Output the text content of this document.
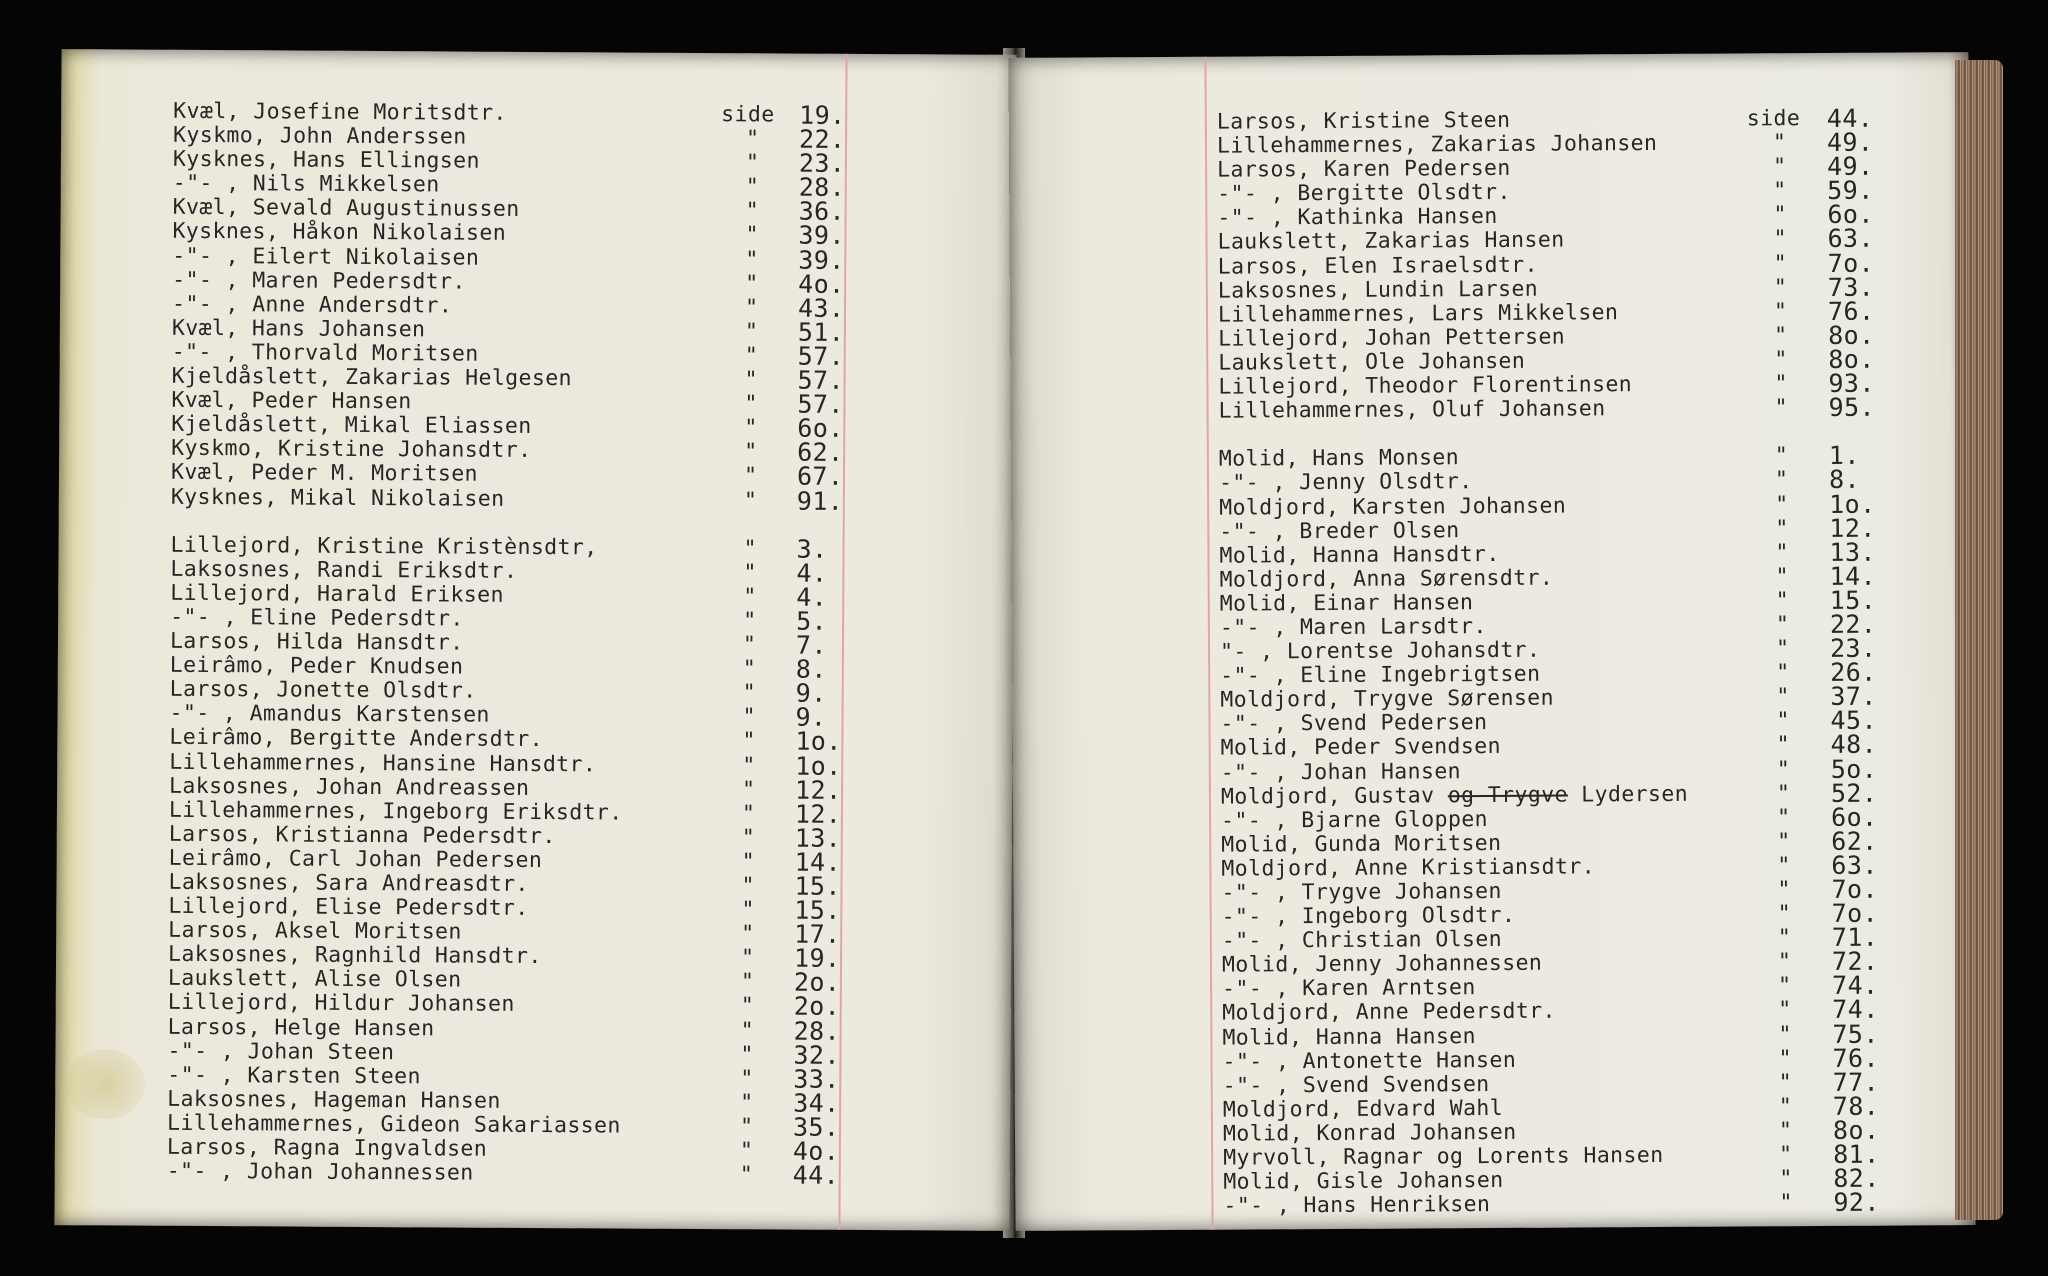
Kvæl, Josefine Moritsdtr.	side 19.
Kyskmo, John Anderssen	" 22.
Kysknes, Hans Ellingsen	" 23.
-"- , Nils Mikkelsen	" 28.
Kvæl, Sevald Augustinussen	" 36.
Kysknes, Håkon Nikolaisen	" 39.
-"- , Eilert Nikolaisen	" 39.
-"- , Maren Pedersdtr.	" 4o.
-"- , Anne Andersdtr.	" 43.
Kvæl, Hans Johansen	" 51.
-"- , Thorvald Moritsen	" 57.
Kjeldåslett, Zakarias Helgesen	" 57.
Kvæl, Peder Hansen	" 57.
Kjeldåslett, Mikal Eliassen	" 6o.
Kyskmo, Kristine Johansdtr.	" 62.
Kvæl, Peder M. Moritsen	" 67.
Kysknes, Mikal Nikolaisen	" 91.
Lillejord, Kristine Kristènsdtr,	" 3.
Laksosnes, Randi Eriksdtr.	" 4.
Lillejord, Harald Eriksen	" 4.
-"- , Eline Pedersdtr.	" 5.
Larsos, Hilda Hansdtr.	" 7.
Leirâmo, Peder Knudsen	" 8.
Larsos, Jonette Olsdtr.	" 9.
-"- , Amandus Karstensen	" 9.
Leirâmo, Bergitte Andersdtr.	" 1o.
Lillehammernes, Hansine Hansdtr.	" 1o.
Laksosnes, Johan Andreassen	" 12.
Lillehammernes, Ingeborg Eriksdtr.	" 12.
Larsos, Kristianna Pedersdtr.	" 13.
Leirâmo, Carl Johan Pedersen	" 14.
Laksosnes, Sara Andreasdtr.	" 15.
Lillejord, Elise Pedersdtr.	" 15.
Larsos, Aksel Moritsen	" 17.
Laksosnes, Ragnhild Hansdtr.	" 19.
Laukslett, Alise Olsen	" 2o.
Lillejord, Hildur Johansen	" 2o.
Larsos, Helge Hansen	" 28.
-"- , Johan Steen	" 32.
-"- , Karsten Steen	" 33.
Laksosnes, Hageman Hansen	" 34.
Lillehammernes, Gideon Sakariassen	" 35.
Larsos, Ragna Ingvaldsen	" 4o.
-"- , Johan Johannessen	" 44.
Larsos, Kristine Steen	side 44.
Lillehammernes, Zakarias Johansen	" 49.
Larsos, Karen Pedersen	" 49.
-"- , Bergitte Olsdtr.	" 59.
-"- , Kathinka Hansen	" 6o.
Laukslett, Zakarias Hansen	" 63.
Larsos, Elen Israelsdtr.	" 7o.
Laksosnes, Lundin Larsen	" 73.
Lillehammernes, Lars Mikkelsen	" 76.
Lillejord, Johan Pettersen	" 8o.
Laukslett, Ole Johansen	" 8o.
Lillejord, Theodor Florentinsen	" 93.
Lillehammernes, Oluf Johansen	" 95.
Molid, Hans Monsen	" 1.
-"- , Jenny Olsdtr.	" 8.
Moldjord, Karsten Johansen	" 1o.
-"- , Breder Olsen	" 12.
Molid, Hanna Hansdtr.	" 13.
Moldjord, Anna Sørensdtr.	" 14.
Molid, Einar Hansen	" 15.
-"- , Maren Larsdtr.	" 22.
"- , Lorentse Johansdtr.	" 23.
-"- , Eline Ingebrigtsen	" 26.
Moldjord, Trygve Sørensen	" 37.
-"- , Svend Pedersen	" 45.
Molid, Peder Svendsen	" 48.
-"- , Johan Hansen	" 5o.
Moldjord, Gustav og Trygve Lydersen	" 52.
-"- , Bjarne Gloppen	" 6o.
Molid, Gunda Moritsen	" 62.
Moldjord, Anne Kristiansdtr.	" 63.
-"- , Trygve Johansen	" 7o.
-"- , Ingeborg Olsdtr.	" 7o.
-"- , Christian Olsen	" 71.
Molid, Jenny Johannessen	" 72.
-"- , Karen Arntsen	" 74.
Moldjord, Anne Pedersdtr.	" 74.
Molid, Hanna Hansen	" 75.
-"- , Antonette Hansen	" 76.
-"- , Svend Svendsen	" 77.
Moldjord, Edvard Wahl	" 78.
Molid, Konrad Johansen	" 8o.
Myrvoll, Ragnar og Lorents Hansen	" 81.
Molid, Gisle Johansen	" 82.
-"- , Hans Henriksen	" 92.
